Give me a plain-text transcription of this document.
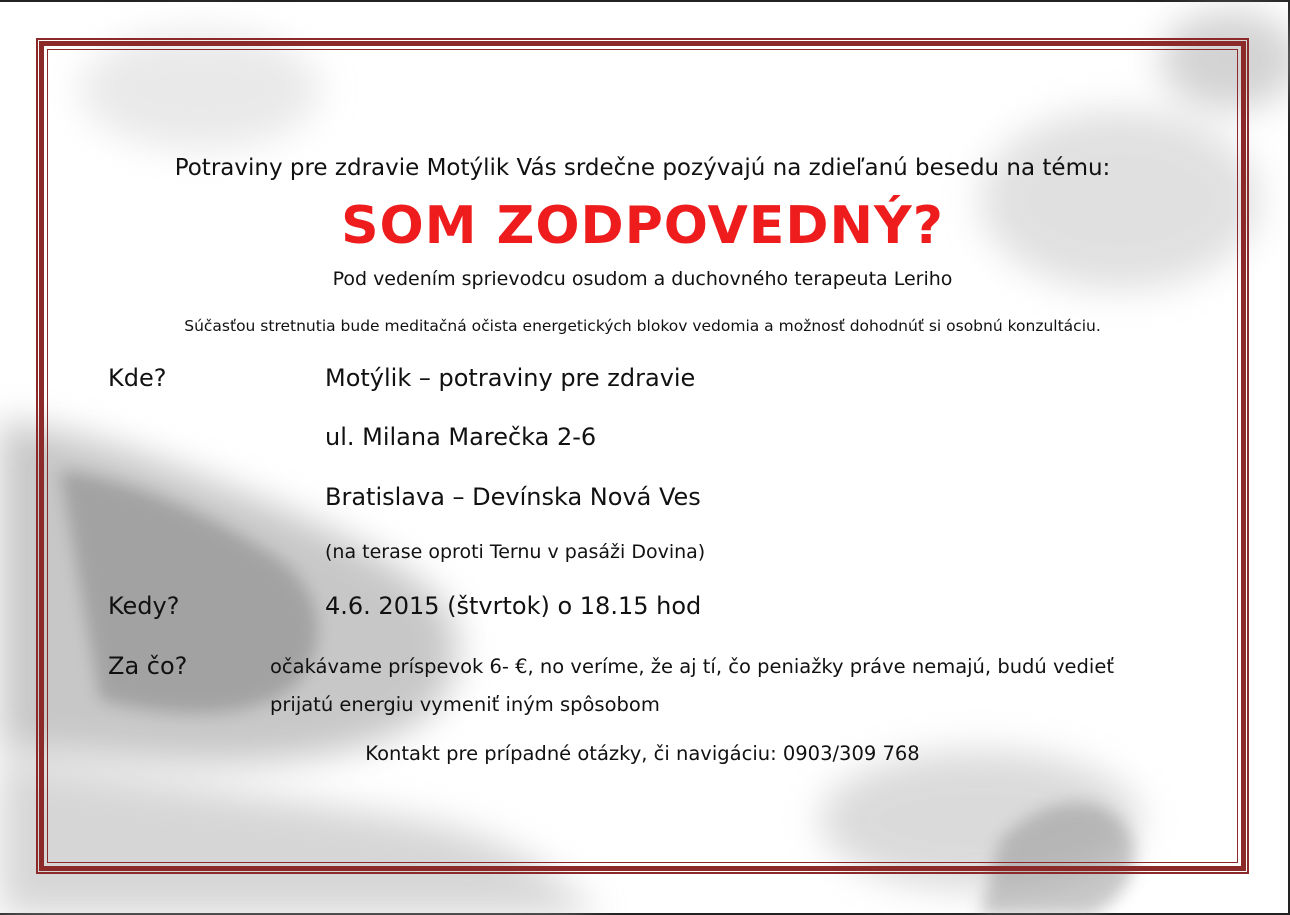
Potraviny pre zdravie Motýlik Vás srdečne pozývajú na zdieľanú besedu na tému:
SOM ZODPOVEDNÝ?
Pod vedením sprievodcu osudom a duchovného terapeuta Leriho
Súčasťou stretnutia bude meditačná očista energetických blokov vedomia a možnosť dohodnúť si osobnú konzultáciu.
Kde?	Motýlik – potraviny pre zdravie
ul. Milana Marečka 2-6
Bratislava – Devínska Nová Ves
(na terase oproti Ternu v pasáži Dovina)
Kedy?	4.6. 2015 (štvrtok) o 18.15 hod
Za čo?	očakávame príspevok 6- €, no veríme, že aj tí, čo peniažky práve nemajú, budú vedieť
prijatú energiu vymeniť iným spôsobom
Kontakt pre prípadné otázky, či navigáciu: 0903/309 768
